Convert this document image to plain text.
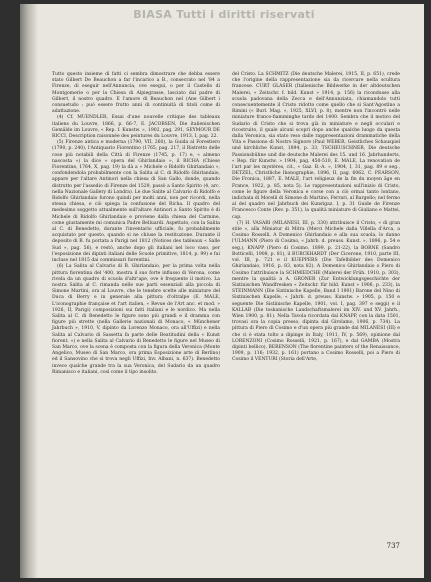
BIASA Tutti i diritti riservati

Tutto questo insieme di fatti ci sembra dimostrare che debba essere stato Gilbert De Beauchon a far l'incarico a B., consecrato nel '84 a Firenze, di eseguir nell'Annuncia, ove eseguì, o per il Castello di Montgomerie o per la Chiesa di Alpiegrasse, lasciato dal padre di Gilbert, il nostro quadro. E l'amore di Beauchon nel (Ane Gilbert i consuetudo : può essere frutto anni di continuità di titoli come di adattazione.

(4) Cf. MUENDLER, Essai d'une nouvelle critique des tableaux italiens du Louvre, 1866, p. 66-7, E. JACOBSEN, Die italienischen Gemälde im Louvre, « Rep. f. Kunstw. », 1902, pag. 291, SEYMOUR DE RICCI, Description raisonnée des peintures du Louvre, 1913, I, pag. 22.

(5) Firenze antica e moderna (1790, VII, 260), la Guida al Forestiero (1790, p. 240), l'Antiquario Fiorentino (1765, pag. 217, il Ristretto delle cose più notabili della Città di Firenze (1745, p. 17) e, « almeno nascosta ») la dice « opera del Ghirlandaio », il RICHA (Chiese Fiorentine, 1764, X, pag. 19) la dà a « Michele o Ridolfo Ghirlandaio », confondendola probabilmente con la Salita al C. di Ridolfo Ghirlandaio, appare per l'altare Antinori nella chiesa di San Gallo, donde, quando distrutto per l'assedio di Firenze del 1529, passò a Santo Spirito (4, arc. nella Nazionale Gallery di Londra). Le due Salite al Calvario di Ridolfo e Ridolfo Ghirlandaio furono quindi per molti anni, non per ricordi, nella stessa chiesa, e ciò spiega la confusione del Richa. Il quadro del medesimo soggetto attualmente sull'altare Antinori a Santo Spirito è di Michele di Ridolfo Ghirlandaio e proviene dalla chiesa del Carmine, come giustamente mi comunica Padre Belluardi. Aspettato, con la Salita al C. di Benedetto, durante l'inventario ufficiale, fu probabilmente acquistato per questo, quando si ne chiuse la restituzione. Durante il deposito di B. fu portata a Parigi nel 1812 (Notices des tableaux « Salle Sud », pag. 56), e restò, anche dopo gli italiani nel loco vaso, per l'esposizione dei dipinti italiani delle Scuole primitive, 1814, p. 99) e fui incluso nel 1815 dai commissari fiorentini.

(6) La Salita al Calvario di B. Ghirlandaio, per la prima volta nella pittura fiorentina del '400, mostra il suo forte influsso di Verona, come rivela da un quadro di scuola d'altr'ape, ove è frequente il motivo. La nostra Salita al C. rimanda nelle sue parti essenziali alla piccola di Simone Martini, ora al Louvre, che le tenebre scelte alle miniature del Duca di Berry e in generale alla pittura d'oltralpe (E. MALE, L'iconographie française et l'art italien, « Revue de l'Art anc. et mod. » 1926, II, Parigi) composizioni sui fatti italiani e le nordico. Ma nella Salita al C. di Benedetto le figure sono più grandi e il dramma con figure più strette (nella Gallerie nazionali di Monaco, « Münchener Jahrbuch », 1910, V, dipinto da Lorenzo Monaco, ora all'Uffizi) e nella Salita al Calvario di Sassetta fa parte delle Beatitudini della « Kunst fiorent. ») e nella Salita al Calvario di Benedetto le figure nel Museo di San Marco, ove la scena è composta con la figura della Veronica (Monte Angelico, Museo di San Marco, ora prima Esposizione arte di Berlino) ed il Sansovino che si trova negli Uffizi, Inv. Albani, n. 637). Benedetto invece qualche grande tra la sua Veronica, del Sudario da un quadro Rimanisco e italiani, così come il tipo insolito.

del Cristo. La SCHMITZ (Die deutsche Malerei, 1915, II, p. 651), crede che l'origine della rappresentazione sia da ricercare nella scultura francese. CURT GLASER (Italienische Bildwerke in der altdeutschen Malerei, « Zeitschr. f. bild. Kunst » 1914, p. 156) la ricondusse alla scuola padovana della Zecca e dell'Annunziata, chiamandolo tutti consecuentemente il Cristo ridotto come quello che sì Sant'Agostino a Rimini (« Burl. Mag. », 1925, XLVI, p. 8), mentre non l'incontrò nelle miniature franco-fiamminghe tardo del 1400. Sembra che il motivo del Sudario di Cristo che si trova già in miniature e negli occulari e ricostruito, il quale alcuni scoprì dopo anche qualche luogo da questa dalla Veronica, sia stato reso dalle rappresentazioni drammatiche della Vita e Passione di Nostro Signore (Paul WEBER, Geistliches Schauspiel und kirchliche Kunst, 1894, p. 33, TSCHEUSCHNER, Die deutsche Passionsbühne und die deutsche Malerei des 15. und 16. Jahrhunderts, « Rep. für Kunstw. » 1904, pag. 450-510, E. MALE, La renovation de l'art par les mystères, cit., « Gaz. B.-A. », 1904, I, 31, pag. 89 e seg., DETZEL, Christliche Ikonographie, 1896, II, pag. 6062, C. PEARSON, Die Fronica, 1887, E. MALE, l'art religieux de la fin du moyen âge en France, 1922, p. 85, nota 5). Le rappresentazioni sull'inizio di Cristo, come le figure della Veronica e corse con a ciò ormai tanto lontano, indichata di Morelli di Simone di Martino, Ferrari, al Bargello; nel fermo al del quadro nel Jahrbuch dei Kunstgaz. I, p. 31 Guide de Firenze Francesco Conte (Rev. p. 351), la qualità miniature di Giuliano e Mattei, cap.

(7) H. VASARI (MILANESI, III, p. 330) attribuisce il Cristo, « di gran stile », alla Miniatur di Mitra (Merci Michele dalla Villella d'Arca, a Cosimo Rosselli. A Domenico Ghirlandaio e alla sua scuola, lo danno l'ULMANN (Piero di Cosimo, « Jahrb. d. preuss. Kunst. », 1896, p. 54 e seg.), KNAPP (Piero di Cosimo, 1899, p. 21-22), la BORNE (Sandro Botticelli, 1908, p. 81), il BURCKHARDT (Der Cicerone, 1910, parte III, vol. III, p. 721 e il KUEPPERS (Die Tafelbilder des Domenico Ghirlandaio, 1916, p. 83, nota 82). A Domenico Ghirlandaio o Piero di Cosimo l'attribuisce la SCHMIEDCHE (Malerei der Früh. 1910, p. 303), mentre la qualità a A. GRONER (Zur Entwicklungsgeschichte der Sixtinischen Wandfresken « Zeitschr. für bild. Kunst » 1906, p. 233), la STEINMANN (Die Sixtinische Kapelle, Band I 1901) Barone del Nino di Sixtinischen Kapelle, « Jahrb. d. preuss. Kunstw. » 1905, p. 150 e seguente Die Sistinische Kapelle, 1901, vol. I, pag. 397 e seggi) e il KALLAB (Die toskanische Landschaftsmalerei im XIV. und XV. Jahrh., Wien 1900, p. 81). Nella Tavola ricordata dal KNAPP, con la data 1501, trovasi ora la copia presso, dipinta dal Girolamo, 1906, p. 734). La pittura di Piero di Cosimo e d'un opera più grande dal MILANESI (III) e che ci è stata tolto a dipinge in Italy, 1911, IV, p. 569), opinione dal LORENZONI (Cosimo Rosselli, 1921, p. 167), e dal GAMBA (Mostra dipinti bellico), BERENSON (The florentine painters of the Renaissance, 1909, p. 116; 1932, p. 161) portano a Cosimo Rosselli, poi a Piero di Cosimo il VENTURI (Storia dell'Arte,

737
